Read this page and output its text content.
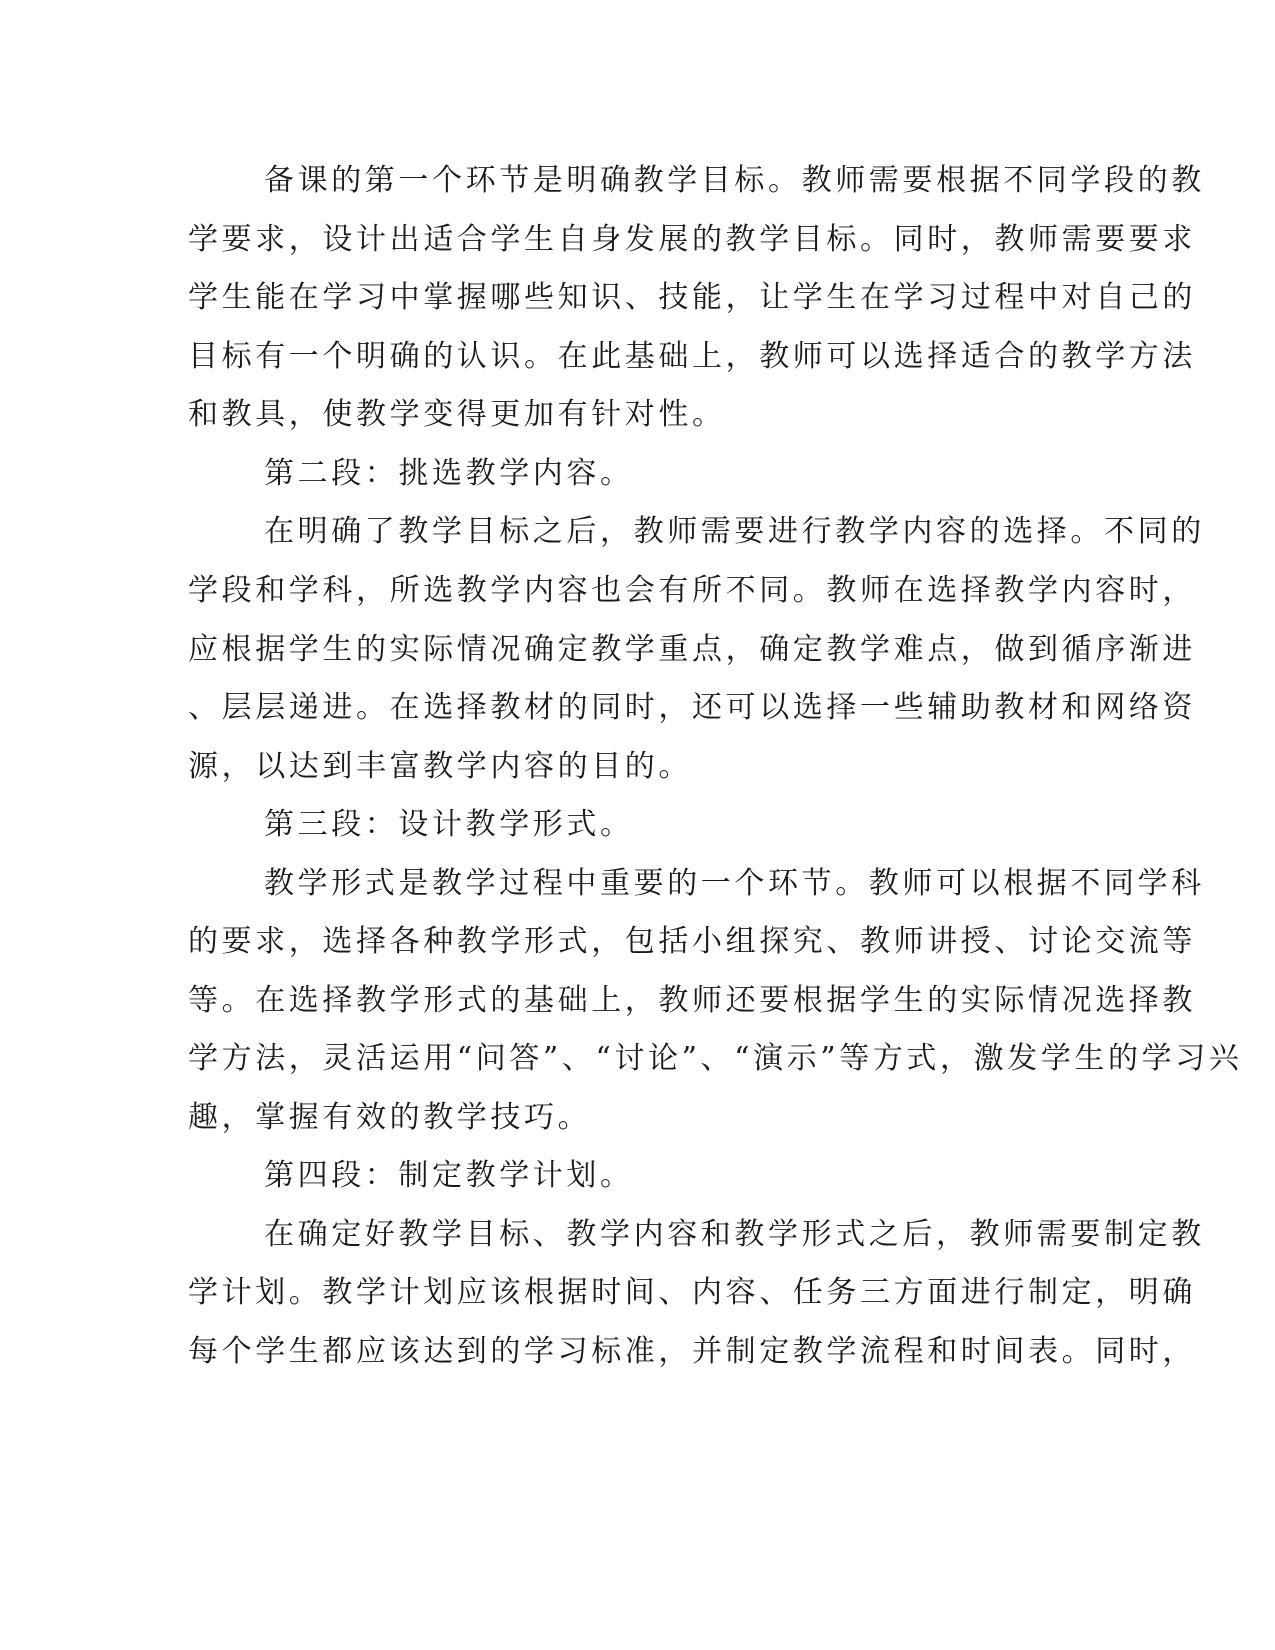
备课的第一个环节是明确教学目标。教师需要根据不同学段的教
学要求，设计出适合学生自身发展的教学目标。同时，教师需要要求
学生能在学习中掌握哪些知识、技能，让学生在学习过程中对自己的
目标有一个明确的认识。在此基础上，教师可以选择适合的教学方法
和教具，使教学变得更加有针对性。
第二段：挑选教学内容。
在明确了教学目标之后，教师需要进行教学内容的选择。不同的
学段和学科，所选教学内容也会有所不同。教师在选择教学内容时，
应根据学生的实际情况确定教学重点，确定教学难点，做到循序渐进
、层层递进。在选择教材的同时，还可以选择一些辅助教材和网络资
源，以达到丰富教学内容的目的。
第三段：设计教学形式。
教学形式是教学过程中重要的一个环节。教师可以根据不同学科
的要求，选择各种教学形式，包括小组探究、教师讲授、讨论交流等
等。在选择教学形式的基础上，教师还要根据学生的实际情况选择教
学方法，灵活运用“问答”、“讨论”、“演示”等方式，激发学生的学习兴
趣，掌握有效的教学技巧。
第四段：制定教学计划。
在确定好教学目标、教学内容和教学形式之后，教师需要制定教
学计划。教学计划应该根据时间、内容、任务三方面进行制定，明确
每个学生都应该达到的学习标准，并制定教学流程和时间表。同时，
